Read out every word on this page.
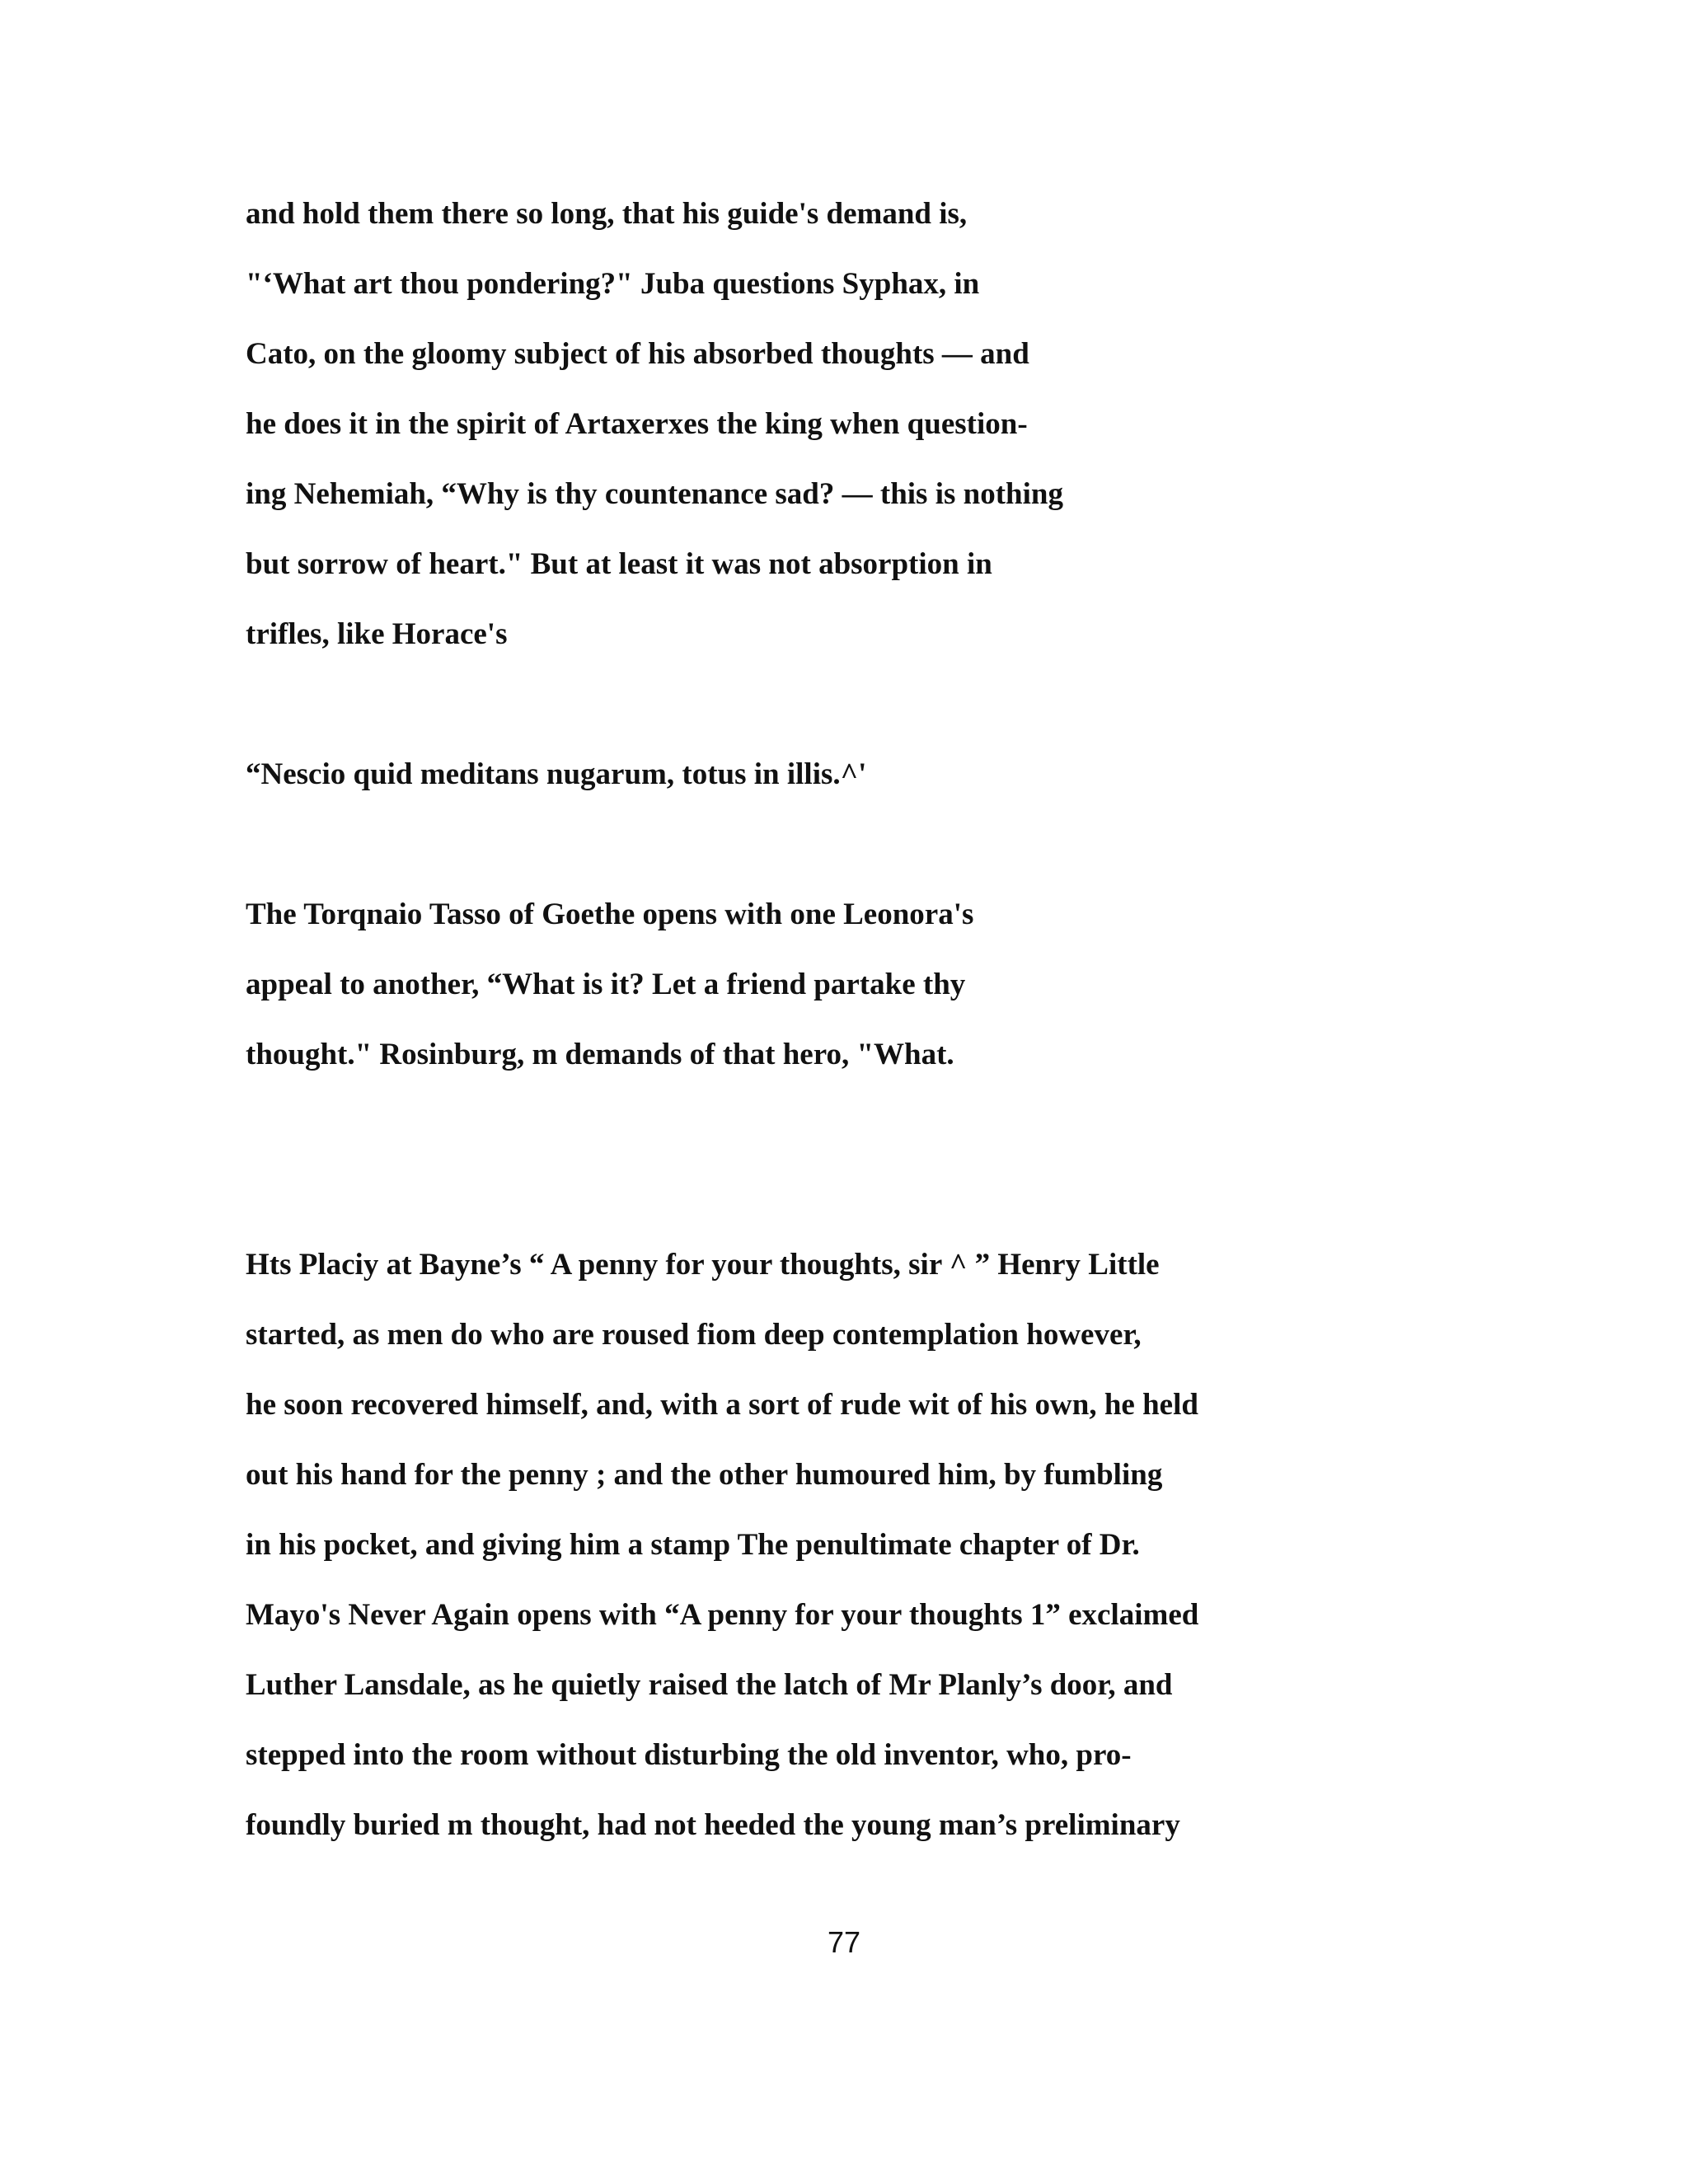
and hold them there so long, that his guide's demand is,

"‘What art thou pondering?" Juba questions Syphax, in

Cato, on the gloomy subject of his absorbed thoughts — and

he does it in the spirit of Artaxerxes the king when question-

ing Nehemiah, “Why is thy countenance sad? — this is nothing

but sorrow of heart." But at least it was not absorption in

trifles, like Horace's

“Nescio quid meditans nugarum, totus in illis.^'

The Torqnaio Tasso of Goethe opens with one Leonora's

appeal to another, “What is it? Let a friend partake thy

thought." Rosinburg, m demands of that hero, "What.

Hts Placiy at Bayne’s “ A penny for your thoughts, sir ^ ” Henry Little

started, as men do who are roused fiom deep contemplation however,

he soon recovered himself, and, with a sort of rude wit of his own, he held

out his hand for the penny ; and the other humoured him, by fumbling

in his pocket, and giving him a stamp The penultimate chapter of Dr.

Mayo's Never Again opens with “A penny for your thoughts 1” exclaimed

Luther Lansdale, as he quietly raised the latch of Mr Planly’s door, and

stepped into the room without disturbing the old inventor, who, pro-

foundly buried m thought, had not heeded the young man’s preliminary

77
